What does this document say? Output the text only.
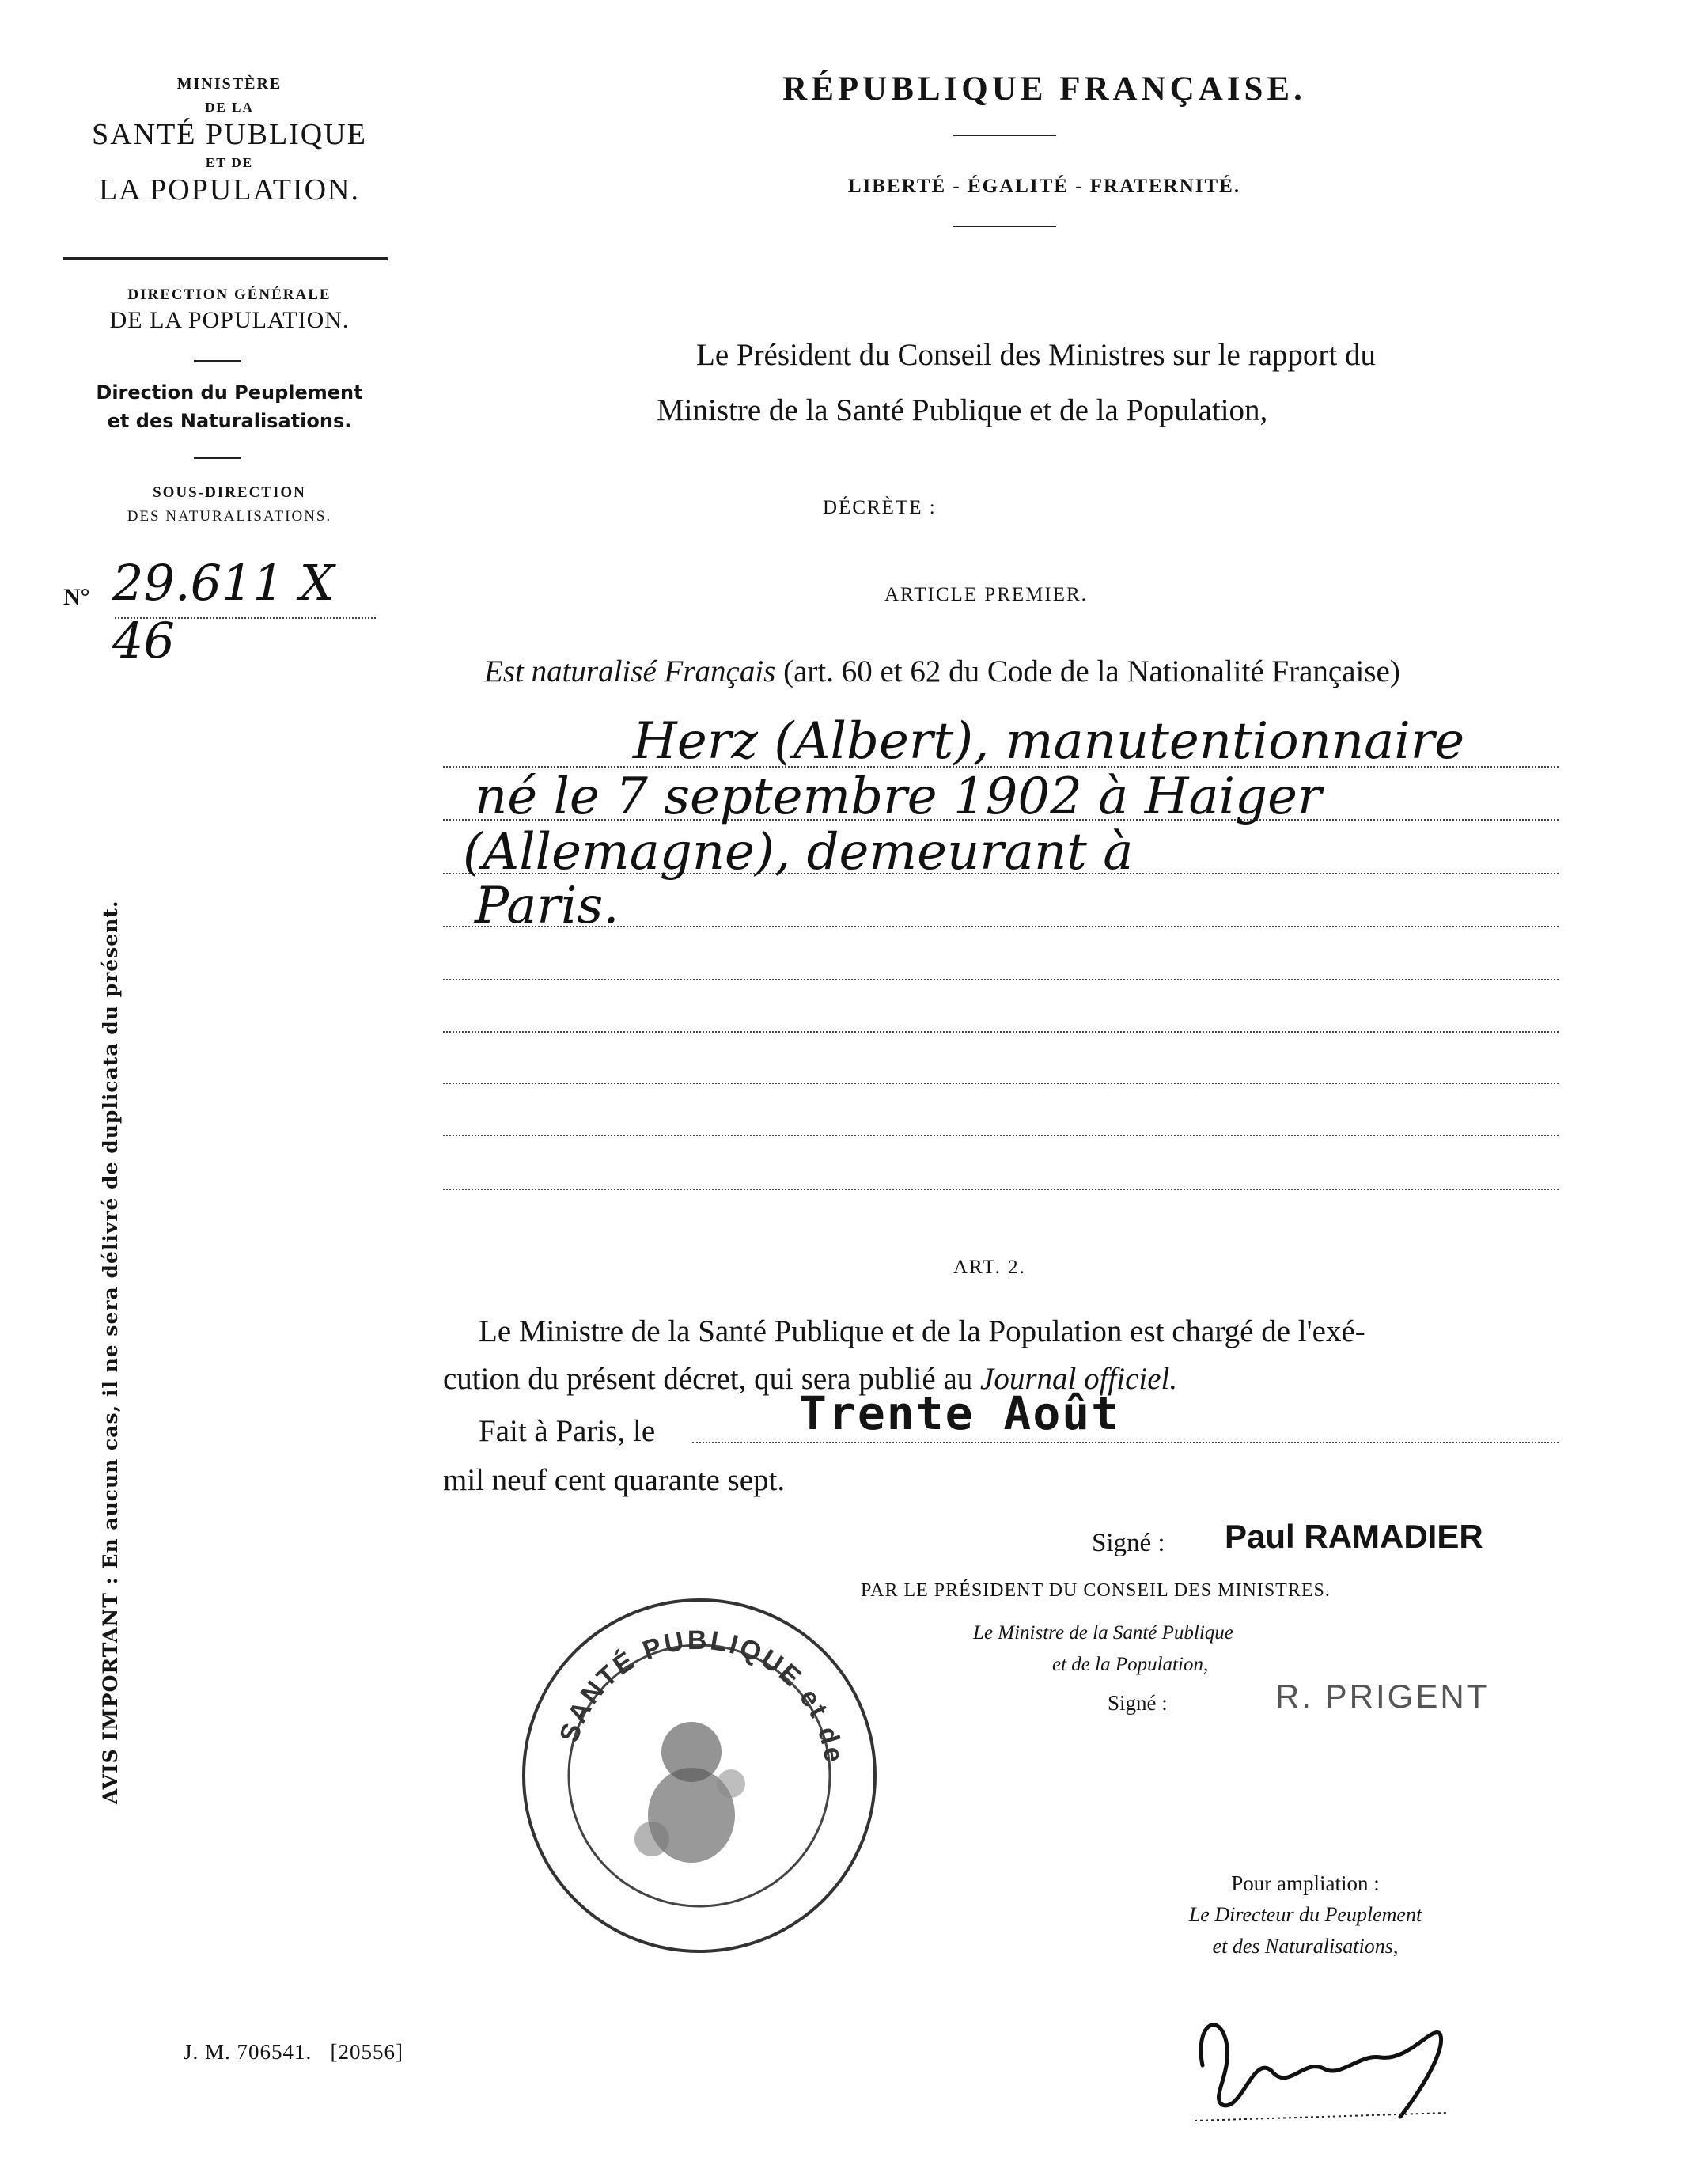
MINISTÈRE
DE LA
SANTÉ PUBLIQUE
ET DE
LA POPULATION.
DIRECTION GÉNÉRALE
DE LA POPULATION.
Direction du Peuplement
et des Naturalisations.
SOUS-DIRECTION
DES NATURALISATIONS.
N° 29.611 X 46
RÉPUBLIQUE FRANÇAISE.
LIBERTÉ - ÉGALITÉ - FRATERNITÉ.
Le Président du Conseil des Ministres sur le rapport du
Ministre de la Santé Publique et de la Population,
DÉCRÈTE :
ARTICLE PREMIER.
Est naturalisé Français (art. 60 et 62 du Code de la Nationalité Française)
Herz (Albert), manutentionnaire
né le 7 septembre 1902 à Haiger
(Allemagne), demeurant à
Paris.
ART. 2.
Le Ministre de la Santé Publique et de la Population est chargé de l'exé-
cution du présent décret, qui sera publié au Journal officiel.
Fait à Paris, le	Trente Août
mil neuf cent quarante sept.
Signé : Paul RAMADIER
PAR LE PRÉSIDENT DU CONSEIL DES MINISTRES.
Le Ministre de la Santé Publique
et de la Population,
Signé :	R. PRIGENT
SANTÉ PUBLIQUE et de
Pour ampliation :
Le Directeur du Peuplement
et des Naturalisations,
J. M. 706541.   [20556]
AVIS IMPORTANT : En aucun cas, il ne sera délivré de duplicata du présent.
